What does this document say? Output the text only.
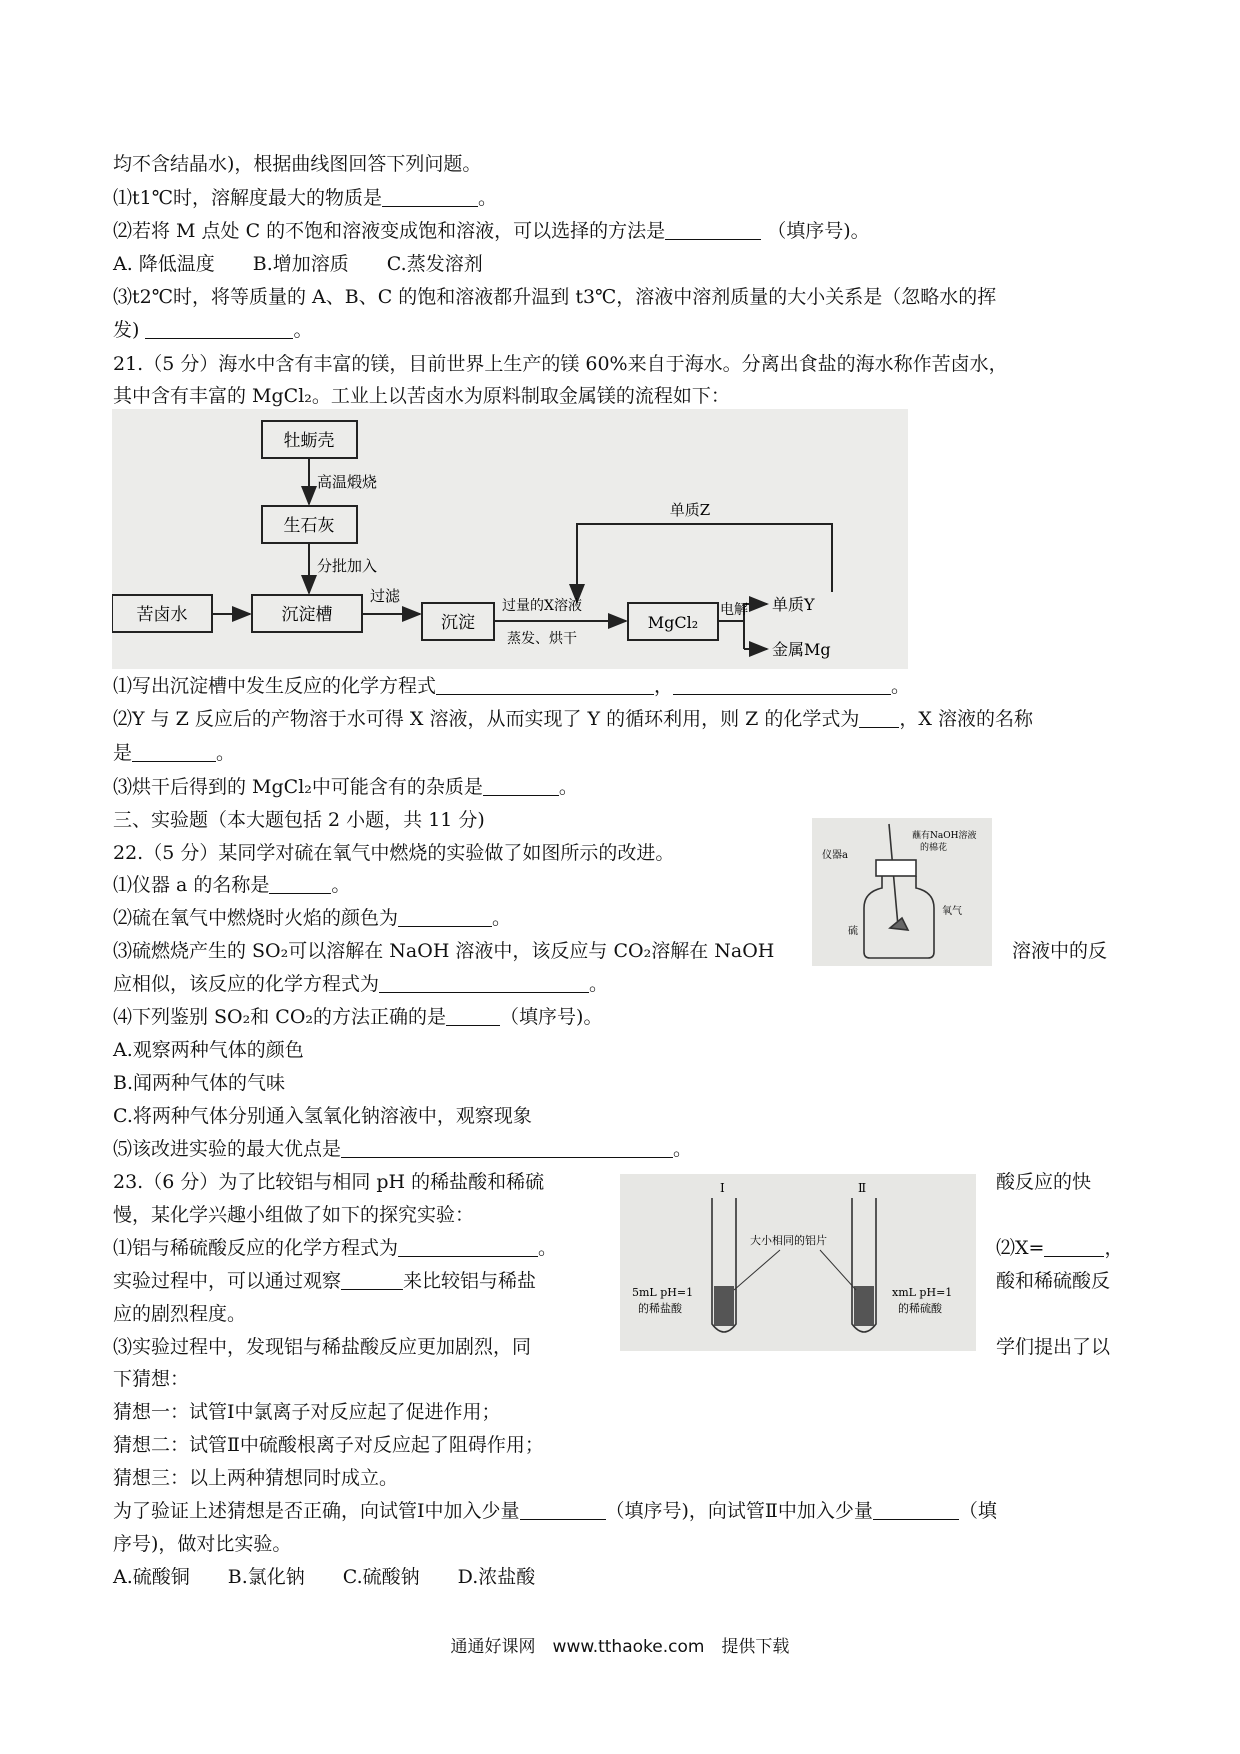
均不含结晶水)，根据曲线图回答下列问题。
⑴t1℃时，溶解度最大的物质是	。
⑵若将 M 点处 C 的不饱和溶液变成饱和溶液，可以选择的方法是	（填序号)。
A. 降低温度　　B.增加溶质　　C.蒸发溶剂
⑶t2℃时，将等质量的 A、B、C 的饱和溶液都升温到 t3℃，溶液中溶剂质量的大小关系是（忽略水的挥
发)	。
21.（5 分）海水中含有丰富的镁，目前世界上生产的镁 60%来自于海水。分离出食盐的海水称作苦卤水，
其中含有丰富的 MgCl₂。工业上以苦卤水为原料制取金属镁的流程如下：
牡蛎壳
高温煅烧
生石灰
分批加入
苦卤水	沉淀槽
过滤
沉淀
过量的X溶液
蒸发、烘干
MgCl₂
电解
单质Z
单质Y
金属Mg
⑴写出沉淀槽中发生反应的化学方程式	，	。
⑵Y 与 Z 反应后的产物溶于水可得 X 溶液，从而实现了 Y 的循环利用，则 Z 的化学式为 ，X 溶液的名称
是	。
⑶烘干后得到的 MgCl₂中可能含有的杂质是	。
三、实验题（本大题包括 2 小题，共 11 分)
22.（5 分）某同学对硫在氧气中燃烧的实验做了如图所示的改进。
⑴仪器 a 的名称是	。
⑵硫在氧气中燃烧时火焰的颜色为	。
⑶硫燃烧产生的 SO₂可以溶解在 NaOH 溶液中，该反应与 CO₂溶解在 NaOH	溶液中的反
应相似，该反应的化学方程式为	。
仪器a
蘸有NaOH溶液
的棉花
氧气
硫
⑷下列鉴别 SO₂和 CO₂的方法正确的是	（填序号)。
A.观察两种气体的颜色
B.闻两种气体的气味
C.将两种气体分别通入氢氧化钠溶液中，观察现象
⑸该改进实验的最大优点是	。
23.（6 分）为了比较铝与相同 pH 的稀盐酸和稀硫	酸反应的快
慢，某化学兴趣小组做了如下的探究实验：
⑴铝与稀硫酸反应的化学方程式为	。	⑵X=	，
实验过程中，可以通过观察	来比较铝与稀盐	酸和稀硫酸反
应的剧烈程度。
⑶实验过程中，发现铝与稀盐酸反应更加剧烈，同	学们提出了以
Ⅰ	Ⅱ
大小相同的铝片
5mL pH=1
的稀盐酸
xmL pH=1
的稀硫酸
下猜想：
猜想一：试管Ⅰ中氯离子对反应起了促进作用；
猜想二：试管Ⅱ中硫酸根离子对反应起了阻碍作用；
猜想三：以上两种猜想同时成立。
为了验证上述猜想是否正确，向试管Ⅰ中加入少量	（填序号)，向试管Ⅱ中加入少量	（填
序号)，做对比实验。
A.硫酸铜　　B.氯化钠　　C.硫酸钠　　D.浓盐酸
通通好课网　www.tthaoke.com　提供下载
